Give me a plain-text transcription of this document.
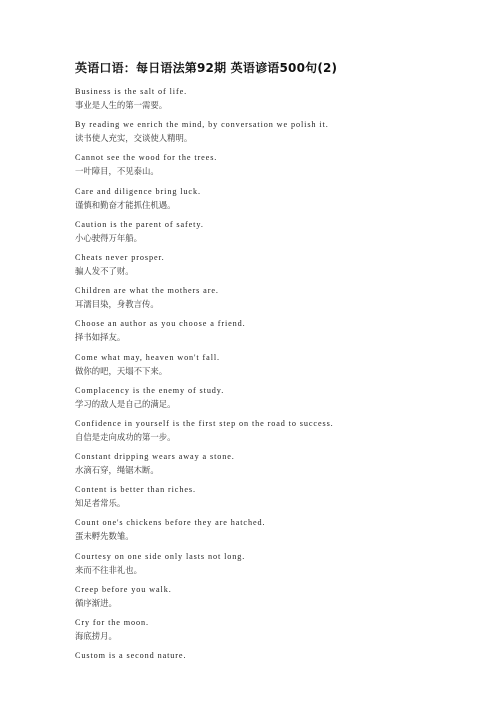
英语口语：每日语法第92期 英语谚语500句(2)
Business is the salt of life.
事业是人生的第一需要。
By reading we enrich the mind, by conversation we polish it.
读书使人充实，交谈使人精明。
Cannot see the wood for the trees.
一叶障目，不见泰山。
Care and diligence bring luck.
谨慎和勤奋才能抓住机遇。
Caution is the parent of safety.
小心驶得万年船。
Cheats never prosper.
骗人发不了财。
Children are what the mothers are.
耳濡目染，身教言传。
Choose an author as you choose a friend.
择书如择友。
Come what may, heaven won't fall.
做你的吧，天塌不下来。
Complacency is the enemy of study.
学习的敌人是自己的满足。
Confidence in yourself is the first step on the road to success.
自信是走向成功的第一步。
Constant dripping wears away a stone.
水滴石穿，绳锯木断。
Content is better than riches.
知足者常乐。
Count one's chickens before they are hatched.
蛋未孵先数雏。
Courtesy on one side only lasts not long.
来而不往非礼也。
Creep before you walk.
循序渐进。
Cry for the moon.
海底捞月。
Custom is a second nature.
